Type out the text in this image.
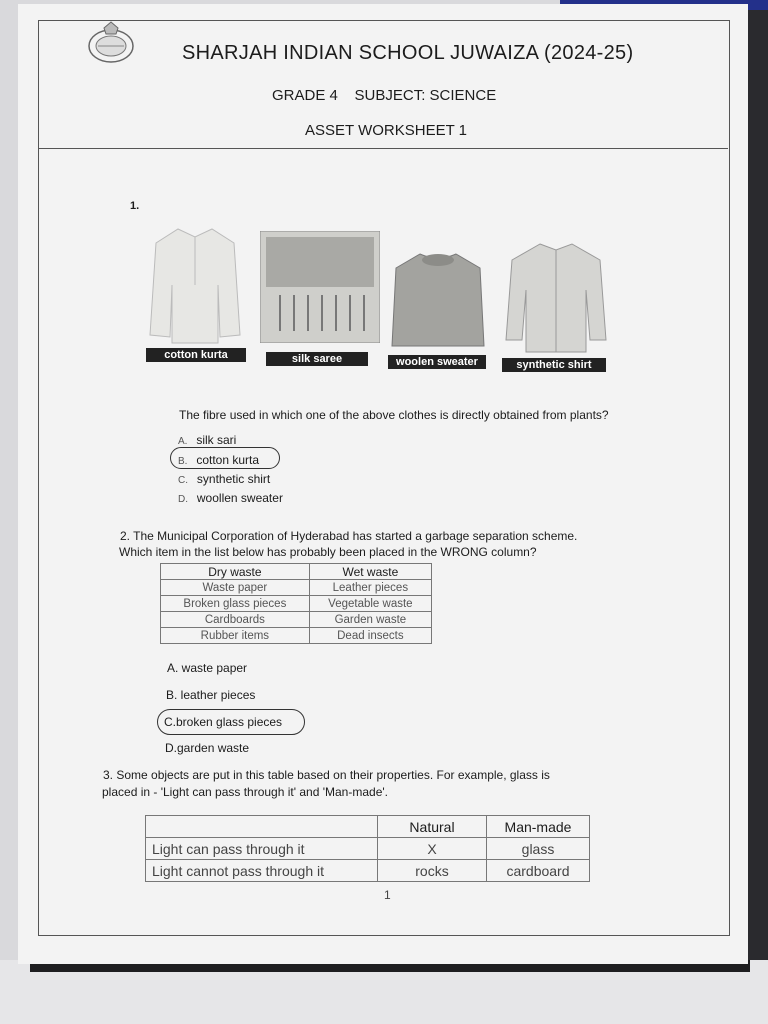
SHARJAH INDIAN SCHOOL JUWAIZA (2024-25)
GRADE 4    SUBJECT: SCIENCE
ASSET WORKSHEET 1
1.
cotton kurta	silk saree	woolen sweater	synthetic shirt
The fibre used in which one of the above clothes is directly obtained from plants?
A. silk sari
B. cotton kurta
C. synthetic shirt
D. woollen sweater
2. The Municipal Corporation of Hyderabad has started a garbage separation scheme.
Which item in the list below has probably been placed in the WRONG column?
Dry waste	Wet waste
Waste paper	Leather pieces
Broken glass pieces	Vegetable waste
Cardboards	Garden waste
Rubber items	Dead insects
A. waste paper
B. leather pieces
C.broken glass pieces
D.garden waste
3. Some objects are put in this table based on their properties. For example, glass is
placed in - 'Light can pass through it' and 'Man-made'.
	Natural	Man-made
Light can pass through it	X	glass
Light cannot pass through it	rocks	cardboard
1
